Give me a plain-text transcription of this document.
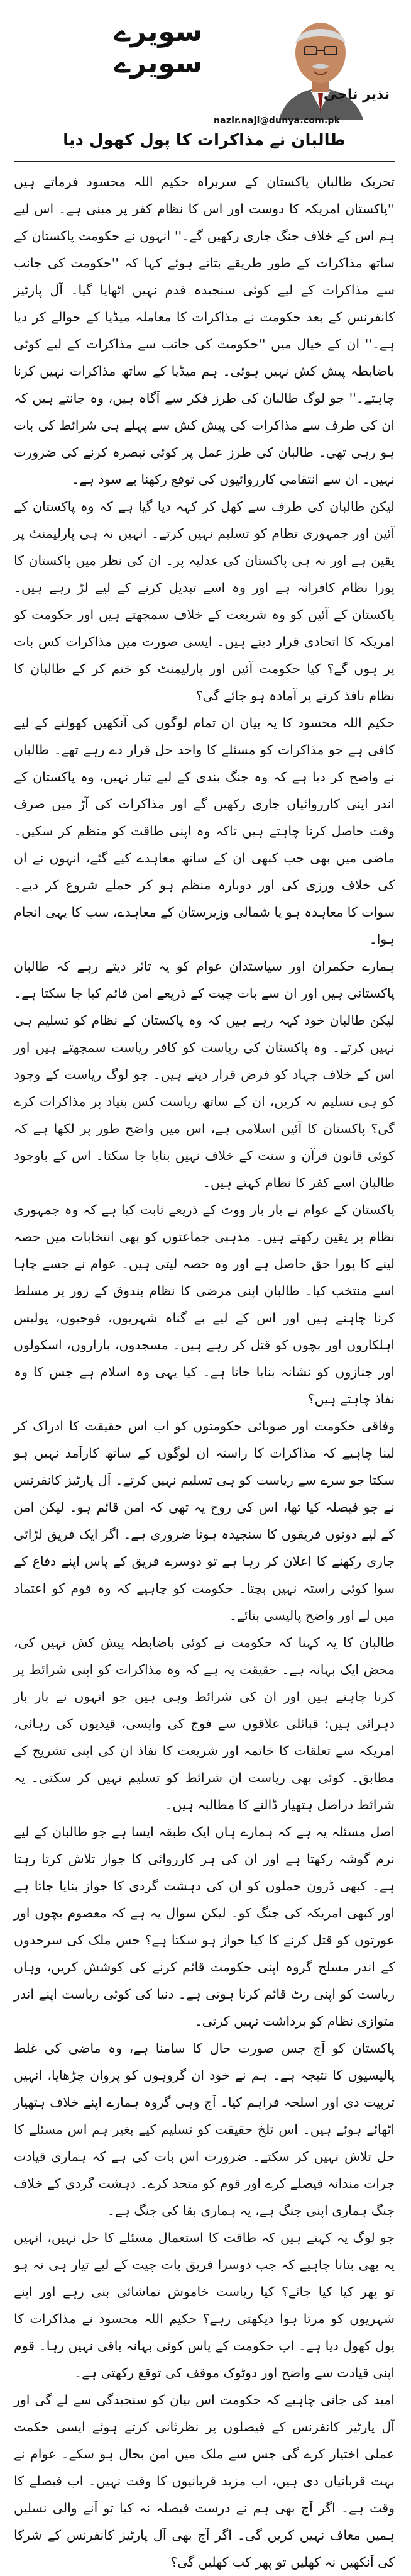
سویرے
سویرے
nazir.naji@dunya.com.pk
نذیر ناجی
طالبان نے مذاکرات کا پول کھول دیا

تحریک طالبان پاکستان کے سربراہ حکیم اللہ محسود فرماتے ہیں ''پاکستان امریکہ کا دوست اور اس کا نظام کفر پر مبنی ہے۔ اس لیے ہم اس کے خلاف جنگ جاری رکھیں گے۔'' انہوں نے حکومت پاکستان کے ساتھ مذاکرات کے طور طریقے بتاتے ہوئے کہا کہ ''حکومت کی جانب سے مذاکرات کے لیے کوئی سنجیدہ قدم نہیں اٹھایا گیا۔ آل پارٹیز کانفرنس کے بعد حکومت نے مذاکرات کا معاملہ میڈیا کے حوالے کر دیا ہے۔'' ان کے خیال میں ''حکومت کی جانب سے مذاکرات کے لیے کوئی باضابطہ پیش کش نہیں ہوئی۔ ہم میڈیا کے ساتھ مذاکرات نہیں کرنا چاہتے۔'' جو لوگ طالبان کی طرز فکر سے آگاہ ہیں، وہ جانتے ہیں کہ ان کی طرف سے مذاکرات کی پیش کش سے پہلے ہی شرائط کی بات ہو رہی تھی۔ طالبان کی طرز عمل پر کوئی تبصرہ کرنے کی ضرورت نہیں۔ ان سے انتقامی کارروائیوں کی توقع رکھنا بے سود ہے۔

لیکن طالبان کی طرف سے کھل کر کہہ دیا گیا ہے کہ وہ پاکستان کے آئین اور جمہوری نظام کو تسلیم نہیں کرتے۔ انہیں نہ ہی پارلیمنٹ پر یقین ہے اور نہ ہی پاکستان کی عدلیہ پر۔ ان کی نظر میں پاکستان کا پورا نظام کافرانہ ہے اور وہ اسے تبدیل کرنے کے لیے لڑ رہے ہیں۔ پاکستان کے آئین کو وہ شریعت کے خلاف سمجھتے ہیں اور حکومت کو امریکہ کا اتحادی قرار دیتے ہیں۔ ایسی صورت میں مذاکرات کس بات پر ہوں گے؟ کیا حکومت آئین اور پارلیمنٹ کو ختم کر کے طالبان کا نظام نافذ کرنے پر آمادہ ہو جائے گی؟

حکیم اللہ محسود کا یہ بیان ان تمام لوگوں کی آنکھیں کھولنے کے لیے کافی ہے جو مذاکرات کو مسئلے کا واحد حل قرار دے رہے تھے۔ طالبان نے واضح کر دیا ہے کہ وہ جنگ بندی کے لیے تیار نہیں، وہ پاکستان کے اندر اپنی کارروائیاں جاری رکھیں گے اور مذاکرات کی آڑ میں صرف وقت حاصل کرنا چاہتے ہیں تاکہ وہ اپنی طاقت کو منظم کر سکیں۔ ماضی میں بھی جب کبھی ان کے ساتھ معاہدے کیے گئے، انہوں نے ان کی خلاف ورزی کی اور دوبارہ منظم ہو کر حملے شروع کر دیے۔ سوات کا معاہدہ ہو یا شمالی وزیرستان کے معاہدے، سب کا یہی انجام ہوا۔

ہمارے حکمران اور سیاستدان عوام کو یہ تاثر دیتے رہے کہ طالبان پاکستانی ہیں اور ان سے بات چیت کے ذریعے امن قائم کیا جا سکتا ہے۔ لیکن طالبان خود کہہ رہے ہیں کہ وہ پاکستان کے نظام کو تسلیم ہی نہیں کرتے۔ وہ پاکستان کی ریاست کو کافر ریاست سمجھتے ہیں اور اس کے خلاف جہاد کو فرض قرار دیتے ہیں۔ جو لوگ ریاست کے وجود کو ہی تسلیم نہ کریں، ان کے ساتھ ریاست کس بنیاد پر مذاکرات کرے گی؟ پاکستان کا آئین اسلامی ہے، اس میں واضح طور پر لکھا ہے کہ کوئی قانون قرآن و سنت کے خلاف نہیں بنایا جا سکتا۔ اس کے باوجود طالبان اسے کفر کا نظام کہتے ہیں۔

پاکستان کے عوام نے بار بار ووٹ کے ذریعے ثابت کیا ہے کہ وہ جمہوری نظام پر یقین رکھتے ہیں۔ مذہبی جماعتوں کو بھی انتخابات میں حصہ لینے کا پورا حق حاصل ہے اور وہ حصہ لیتی ہیں۔ عوام نے جسے چاہا اسے منتخب کیا۔ طالبان اپنی مرضی کا نظام بندوق کے زور پر مسلط کرنا چاہتے ہیں اور اس کے لیے بے گناہ شہریوں، فوجیوں، پولیس اہلکاروں اور بچوں کو قتل کر رہے ہیں۔ مسجدوں، بازاروں، اسکولوں اور جنازوں کو نشانہ بنایا جاتا ہے۔ کیا یہی وہ اسلام ہے جس کا وہ نفاذ چاہتے ہیں؟

وفاقی حکومت اور صوبائی حکومتوں کو اب اس حقیقت کا ادراک کر لینا چاہیے کہ مذاکرات کا راستہ ان لوگوں کے ساتھ کارآمد نہیں ہو سکتا جو سرے سے ریاست کو ہی تسلیم نہیں کرتے۔ آل پارٹیز کانفرنس نے جو فیصلہ کیا تھا، اس کی روح یہ تھی کہ امن قائم ہو۔ لیکن امن کے لیے دونوں فریقوں کا سنجیدہ ہونا ضروری ہے۔ اگر ایک فریق لڑائی جاری رکھنے کا اعلان کر رہا ہے تو دوسرے فریق کے پاس اپنے دفاع کے سوا کوئی راستہ نہیں بچتا۔ حکومت کو چاہیے کہ وہ قوم کو اعتماد میں لے اور واضح پالیسی بنائے۔

طالبان کا یہ کہنا کہ حکومت نے کوئی باضابطہ پیش کش نہیں کی، محض ایک بہانہ ہے۔ حقیقت یہ ہے کہ وہ مذاکرات کو اپنی شرائط پر کرنا چاہتے ہیں اور ان کی شرائط وہی ہیں جو انہوں نے بار بار دہرائی ہیں: قبائلی علاقوں سے فوج کی واپسی، قیدیوں کی رہائی، امریکہ سے تعلقات کا خاتمہ اور شریعت کا نفاذ ان کی اپنی تشریح کے مطابق۔ کوئی بھی ریاست ان شرائط کو تسلیم نہیں کر سکتی۔ یہ شرائط دراصل ہتھیار ڈالنے کا مطالبہ ہیں۔

اصل مسئلہ یہ ہے کہ ہمارے ہاں ایک طبقہ ایسا ہے جو طالبان کے لیے نرم گوشہ رکھتا ہے اور ان کی ہر کارروائی کا جواز تلاش کرتا رہتا ہے۔ کبھی ڈرون حملوں کو ان کی دہشت گردی کا جواز بنایا جاتا ہے اور کبھی امریکہ کی جنگ کو۔ لیکن سوال یہ ہے کہ معصوم بچوں اور عورتوں کو قتل کرنے کا کیا جواز ہو سکتا ہے؟ جس ملک کی سرحدوں کے اندر مسلح گروہ اپنی حکومت قائم کرنے کی کوشش کریں، وہاں ریاست کو اپنی رٹ قائم کرنا ہوتی ہے۔ دنیا کی کوئی ریاست اپنے اندر متوازی نظام کو برداشت نہیں کرتی۔

پاکستان کو آج جس صورت حال کا سامنا ہے، وہ ماضی کی غلط پالیسیوں کا نتیجہ ہے۔ ہم نے خود ان گروہوں کو پروان چڑھایا، انہیں تربیت دی اور اسلحہ فراہم کیا۔ آج وہی گروہ ہمارے اپنے خلاف ہتھیار اٹھائے ہوئے ہیں۔ اس تلخ حقیقت کو تسلیم کیے بغیر ہم اس مسئلے کا حل تلاش نہیں کر سکتے۔ ضرورت اس بات کی ہے کہ ہماری قیادت جرات مندانہ فیصلے کرے اور قوم کو متحد کرے۔ دہشت گردی کے خلاف جنگ ہماری اپنی جنگ ہے، یہ ہماری بقا کی جنگ ہے۔

جو لوگ یہ کہتے ہیں کہ طاقت کا استعمال مسئلے کا حل نہیں، انہیں یہ بھی بتانا چاہیے کہ جب دوسرا فریق بات چیت کے لیے تیار ہی نہ ہو تو پھر کیا کیا جائے؟ کیا ریاست خاموش تماشائی بنی رہے اور اپنے شہریوں کو مرتا ہوا دیکھتی رہے؟ حکیم اللہ محسود نے مذاکرات کا پول کھول دیا ہے۔ اب حکومت کے پاس کوئی بہانہ باقی نہیں رہا۔ قوم اپنی قیادت سے واضح اور دوٹوک موقف کی توقع رکھتی ہے۔

امید کی جانی چاہیے کہ حکومت اس بیان کو سنجیدگی سے لے گی اور آل پارٹیز کانفرنس کے فیصلوں پر نظرثانی کرتے ہوئے ایسی حکمت عملی اختیار کرے گی جس سے ملک میں امن بحال ہو سکے۔ عوام نے بہت قربانیاں دی ہیں، اب مزید قربانیوں کا وقت نہیں۔ اب فیصلے کا وقت ہے۔ اگر آج بھی ہم نے درست فیصلہ نہ کیا تو آنے والی نسلیں ہمیں معاف نہیں کریں گی۔ اگر آج بھی آل پارٹیز کانفرنس کے شرکا کی آنکھیں نہ کھلیں تو پھر کب کھلیں گی؟
